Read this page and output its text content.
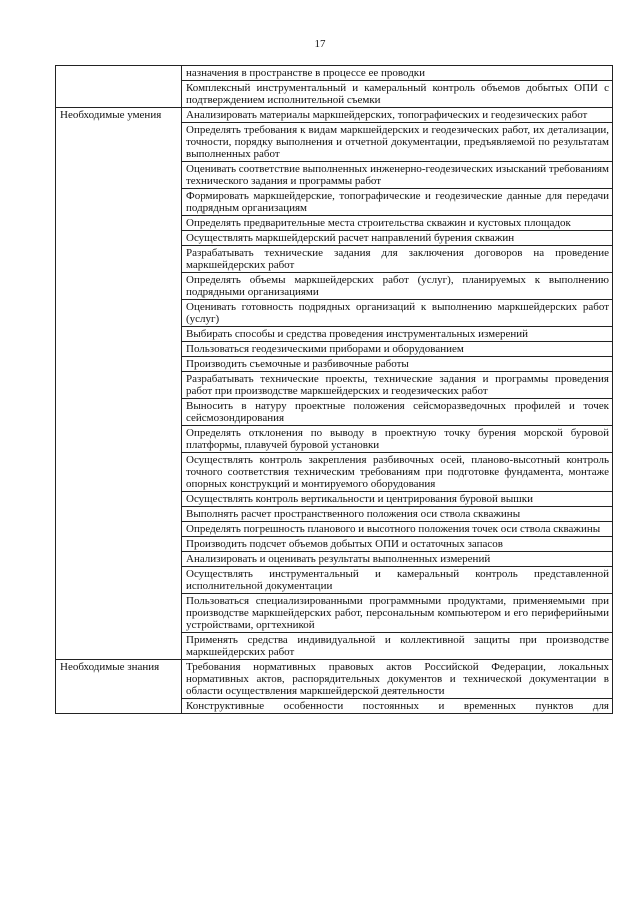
17
	назначения в пространстве в процессе ее проводки
	Комплексный инструментальный и камеральный контроль объемов добытых ОПИ с подтверждением исполнительной съемки
Необходимые умения	Анализировать материалы маркшейдерских, топографических и геодезических работ
	Определять требования к видам маркшейдерских и геодезических работ, их детализации, точности, порядку выполнения и отчетной документации, предъявляемой по результатам выполненных работ
	Оценивать соответствие выполненных инженерно-геодезических изысканий требованиям технического задания и программы работ
	Формировать маркшейдерские, топографические и геодезические данные для передачи подрядным организациям
	Определять предварительные места строительства скважин и кустовых площадок
	Осуществлять маркшейдерский расчет направлений бурения скважин
	Разрабатывать технические задания для заключения договоров на проведение маркшейдерских работ
	Определять объемы маркшейдерских работ (услуг), планируемых к выполнению подрядными организациями
	Оценивать готовность подрядных организаций к выполнению маркшейдерских работ (услуг)
	Выбирать способы и средства проведения инструментальных измерений
	Пользоваться геодезическими приборами и оборудованием
	Производить съемочные и разбивочные работы
	Разрабатывать технические проекты, технические задания и программы проведения работ при производстве маркшейдерских и геодезических работ
	Выносить в натуру проектные положения сейсморазведочных профилей и точек сейсмозондирования
	Определять отклонения по выводу в проектную точку бурения морской буровой платформы, плавучей буровой установки
	Осуществлять контроль закрепления разбивочных осей, планово-высотный контроль точного соответствия техническим требованиям при подготовке фундамента, монтаже опорных конструкций и монтируемого оборудования
	Осуществлять контроль вертикальности и центрирования буровой вышки
	Выполнять расчет пространственного положения оси ствола скважины
	Определять погрешность планового и высотного положения точек оси ствола скважины
	Производить подсчет объемов добытых ОПИ и остаточных запасов
	Анализировать и оценивать результаты выполненных измерений
	Осуществлять инструментальный и камеральный контроль представленной исполнительной документации
	Пользоваться специализированными программными продуктами, применяемыми при производстве маркшейдерских работ, персональным компьютером и его периферийными устройствами, оргтехникой
	Применять средства индивидуальной и коллективной защиты при производстве маркшейдерских работ
Необходимые знания	Требования нормативных правовых актов Российской Федерации, локальных нормативных актов, распорядительных документов и технической документации в области осуществления маркшейдерской деятельности
	Конструктивные особенности постоянных и временных пунктов для
